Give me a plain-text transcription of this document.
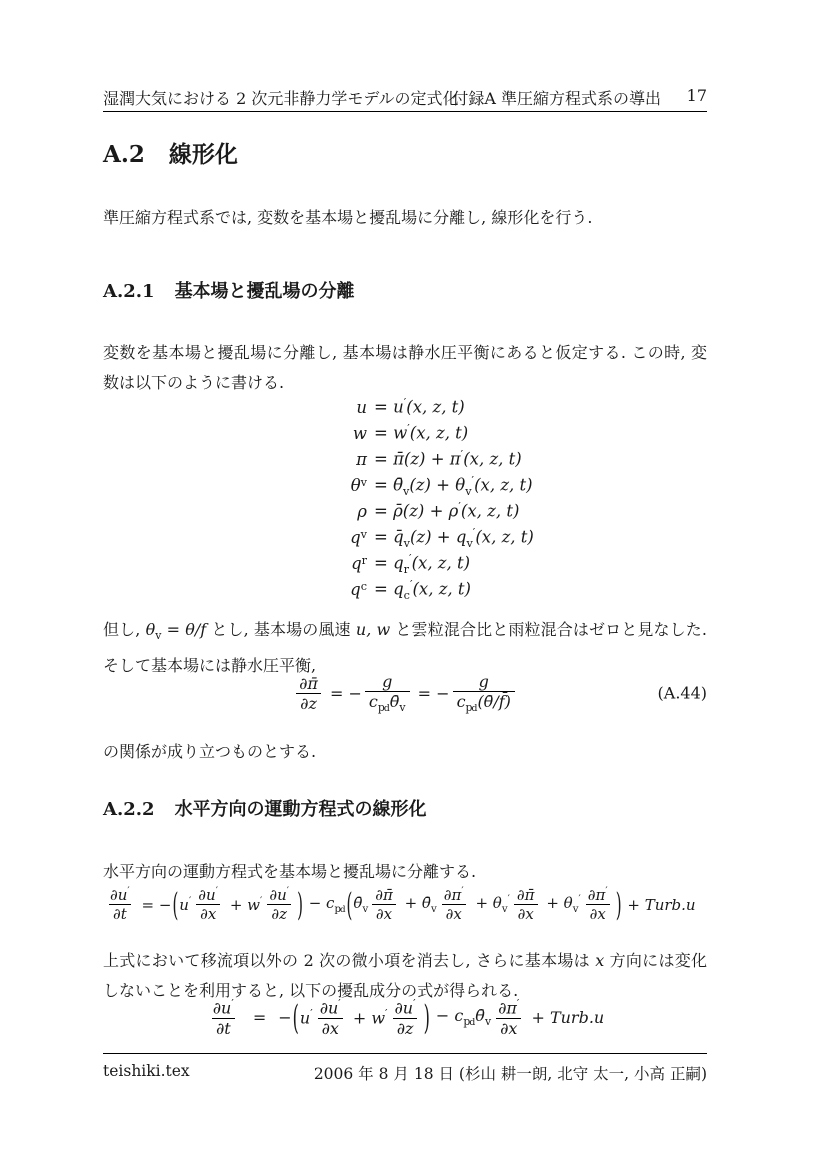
湿潤大気における 2 次元非静力学モデルの定式化
付録A 準圧縮方程式系の導出 17
A.2 線形化
準圧縮方程式系では, 変数を基本場と擾乱場に分離し, 線形化を行う.
A.2.1 基本場と擾乱場の分離
変数を基本場と擾乱場に分離し, 基本場は静水圧平衡にあると仮定する. この時, 変数は以下のように書ける.
u = u′(x, z, t)
w = w′(x, z, t)
π = π̄(z) + π′(x, z, t)
θ $v = \thetā_v(z) + \theta_v'(x$, z, t)
ρ = ρ̄(z) + ρ′(x, z, t)
q $v = q̄_v(z) + q_v'(x$, z, t)
q $r = q_r'(x$, z, t)
q $c = q_c'(x$, z, t)
但し, $\theta_v = \theta/f$ とし, 基本場の風速 u, w と雲粒混合比と雨粒混合はゼロと見なした. そして基本場には静水圧平衡,
$\frac{\partial\pī}{\partial z}$ = − $\frac{g}{c_{pd}\thetā_v}$ = − $\frac{g}{c_{pd}(\thetā/f̄)}$	(A.44)
の関係が成り立つものとする.
A.2.2 水平方向の運動方程式の線形化
水平方向の運動方程式を基本場と擾乱場に分離する.
$\frac{\partial u'}{\partial t}$ = − ( $u' \frac{\partial u'}{\partial x} + w' \frac{\partial u'}{\partial z}$ ) − $c_{pd}$ ( $\thetā_v \frac{\partial\pī}{\partial x}$ + $\thetā_v \frac{\partial\pi'}{\partial x} + \theta_v' \frac{\partial\pī}{\partial x} + \theta_v' \frac{\partial\pi'}{\partial x}$ ) + Turb.u
上式において移流項以外の 2 次の微小項を消去し, さらに基本場は x 方向には変化しないことを利用すると, 以下の擾乱成分の式が得られる.
$\frac{\partial u'}{\partial t}$ = − ( $u' \frac{\partial u'}{\partial x} + w' \frac{\partial u'}{\partial z}$ ) − $c_{pd}\thetā_v \frac{\partial\pi'}{\partial x}$ + Turb.u
teishiki.tex	2006 年 8 月 18 日 (杉山 耕一朗, 北守 太一, 小高 正嗣)
